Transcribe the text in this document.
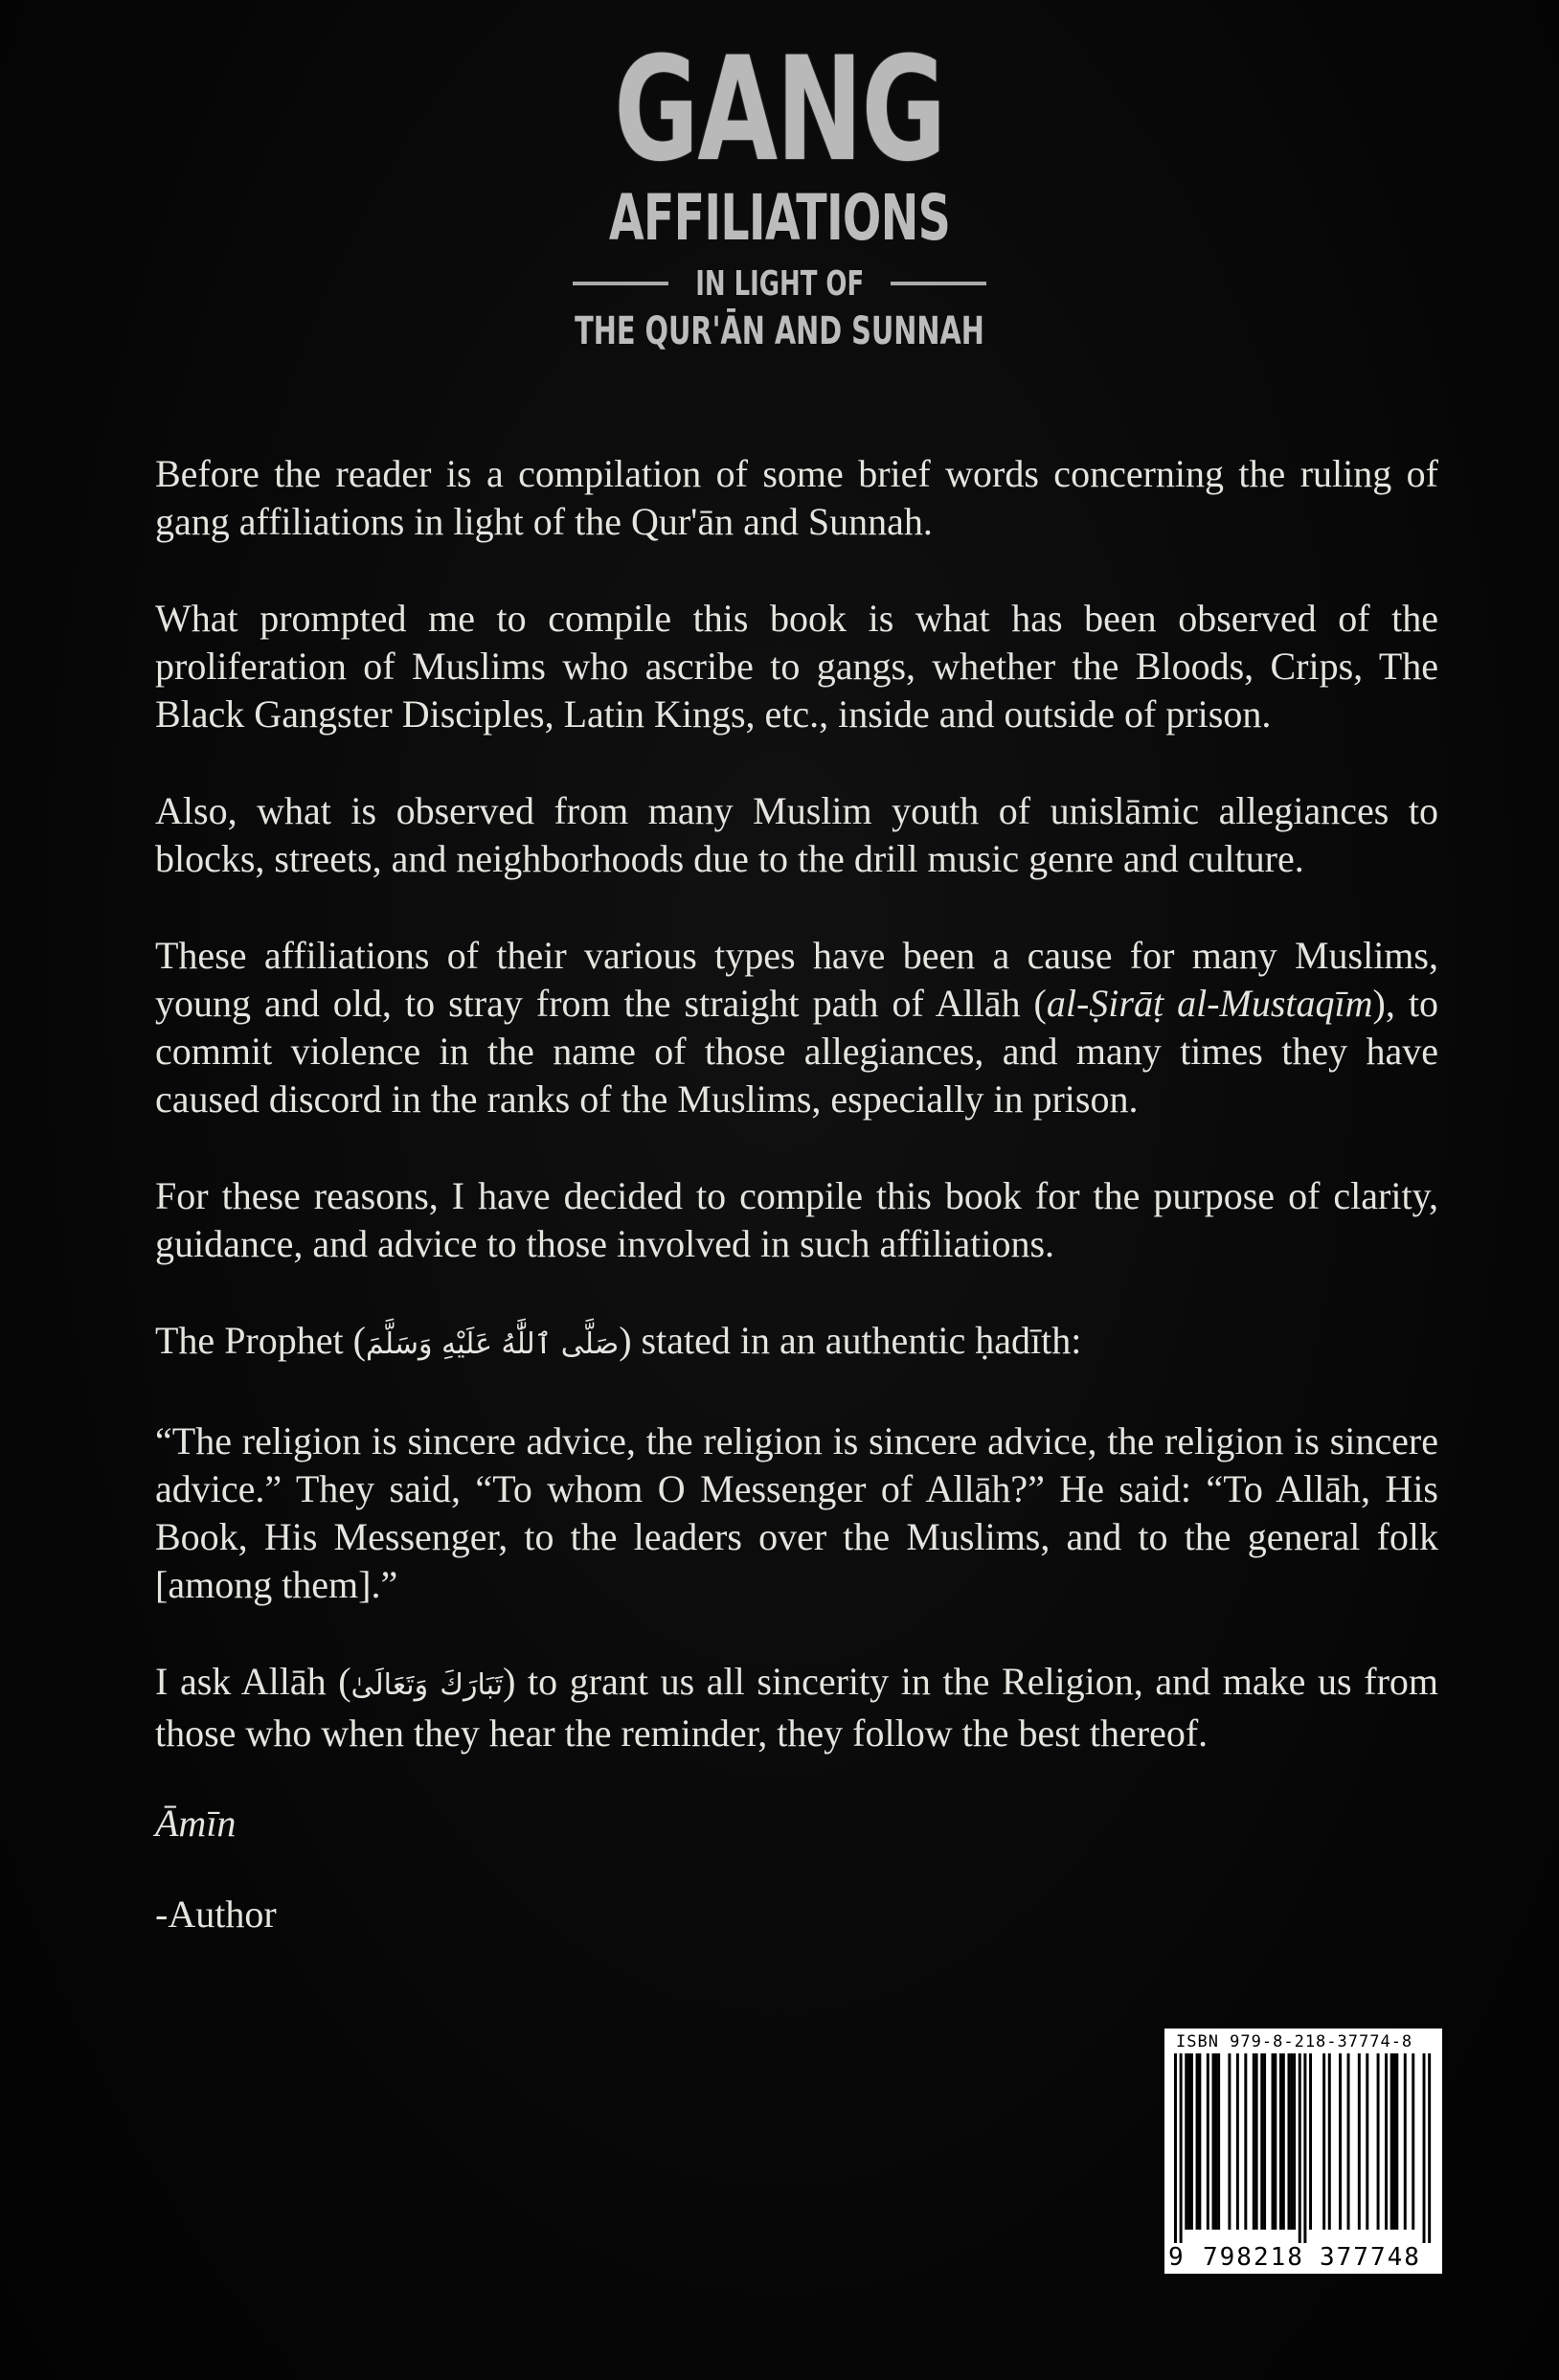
GANG
AFFILIATIONS
IN LIGHT OF
THE QUR'ĀN AND SUNNAH

Before the reader is a compilation of some brief words concerning the ruling of gang affiliations in light of the Qur'ān and Sunnah.

What prompted me to compile this book is what has been observed of the proliferation of Muslims who ascribe to gangs, whether the Bloods, Crips, The Black Gangster Disciples, Latin Kings, etc., inside and outside of prison.

Also, what is observed from many Muslim youth of unislāmic allegiances to blocks, streets, and neighborhoods due to the drill music genre and culture.

These affiliations of their various types have been a cause for many Muslims, young and old, to stray from the straight path of Allāh (al-Ṣirāṭ al-Mustaqīm), to commit violence in the name of those allegiances, and many times they have caused discord in the ranks of the Muslims, especially in prison.

For these reasons, I have decided to compile this book for the purpose of clarity, guidance, and advice to those involved in such affiliations.

The Prophet (صَلَّى ٱللَّٰهُ عَلَيْهِ وَسَلَّمَ) stated in an authentic ḥadīth:

“The religion is sincere advice, the religion is sincere advice, the religion is sincere advice.” They said, “To whom O Messenger of Allāh?” He said: “To Allāh, His Book, His Messenger, to the leaders over the Muslims, and to the general folk [among them].”

I ask Allāh (تَبَارَكَ وَتَعَالَىٰ) to grant us all sincerity in the Religion, and make us from those who when they hear the reminder, they follow the best thereof.

Āmīn
-Author
ISBN 979-8-218-37774-8
9 798218 377748
